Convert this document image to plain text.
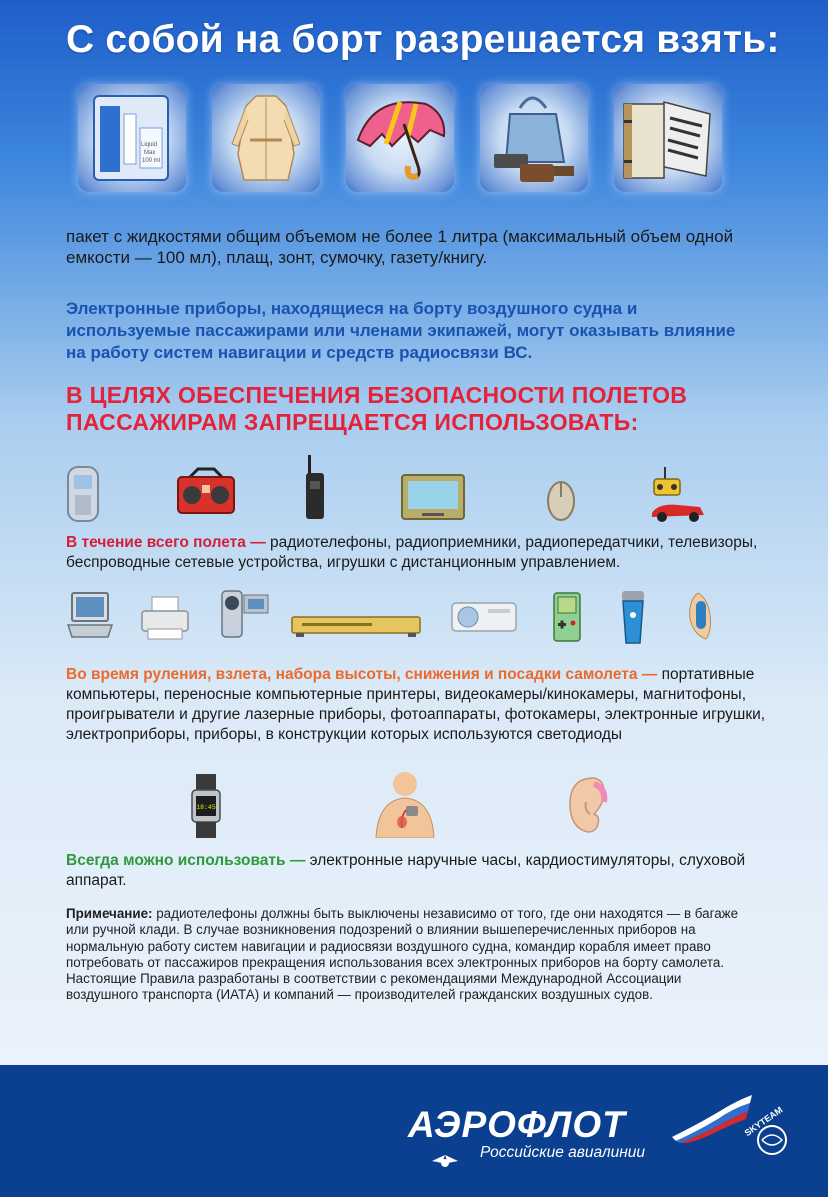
С собой на борт разрешается взять:
Liquid
Max
100 ml

пакет с жидкостями общим объемом не более 1 литра (максимальный объем одной емкости — 100 мл), плащ, зонт, сумочку, газету/книгу.

Электронные приборы, находящиеся на борту воздушного судна и используемые пассажирами или членами экипажей, могут оказывать влияние на работу систем навигации и средств радиосвязи ВС.

В ЦЕЛЯХ ОБЕСПЕЧЕНИЯ БЕЗОПАСНОСТИ ПОЛЕТОВ ПАССАЖИРАМ ЗАПРЕЩАЕТСЯ ИСПОЛЬЗОВАТЬ:

В течение всего полета — радиотелефоны, радиоприемники, радиопередатчики, телевизоры, беспроводные сетевые устройства, игрушки с дистанционным управлением.

Во время руления, взлета, набора высоты, снижения и посадки самолета — портативные компьютеры, переносные компьютерные принтеры, видеокамеры/кинокамеры, магнитофоны, проигрыватели и другие лазерные приборы, фотоаппараты, фотокамеры, электронные игрушки, электроприборы, приборы, в конструкции которых используются светодиоды

18:45

Всегда можно использовать — электронные наручные часы, кардиостимуляторы, слуховой аппарат.

Примечание: радиотелефоны должны быть выключены независимо от того, где они находятся — в багаже или ручной клади. В случае возникновения подозрений о влиянии вышеперечисленных приборов на нормальную работу систем навигации и радиосвязи воздушного судна, командир корабля имеет право потребовать от пассажиров прекращения использования всех электронных приборов на борту самолета. Настоящие Правила разработаны в соответствии с рекомендациями Международной Ассоциации воздушного транспорта (ИАТА) и компаний — производителей гражданских воздушных судов.

АЭРОФЛОТ

Российские авиалинии

SKYTEAM
